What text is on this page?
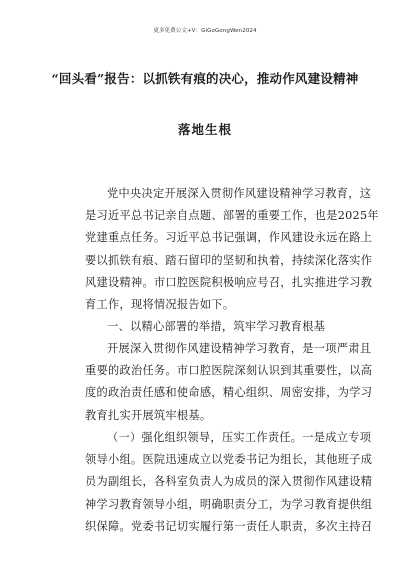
更多免费公文+V：GiGoGongWen2024
“回头看”报告：以抓铁有痕的决心，推动作风建设精神
落地生根
党中央决定开展深入贯彻作风建设精神学习教育，这
是习近平总书记亲自点题、部署的重要工作，也是2025年
党建重点任务。习近平总书记强调，作风建设永远在路上
要以抓铁有痕、踏石留印的坚韧和执着，持续深化落实作
风建设精神。市口腔医院积极响应号召，扎实推进学习教
育工作，现将情况报告如下。
一、以精心部署的举措，筑牢学习教育根基
开展深入贯彻作风建设精神学习教育，是一项严肃且
重要的政治任务。市口腔医院深刻认识到其重要性，以高
度的政治责任感和使命感，精心组织、周密安排，为学习
教育扎实开展筑牢根基。
（一）强化组织领导，压实工作责任。一是成立专项
领导小组。医院迅速成立以党委书记为组长，其他班子成
员为副组长，各科室负责人为成员的深入贯彻作风建设精
神学习教育领导小组，明确职责分工，为学习教育提供组
织保障。党委书记切实履行第一责任人职责，多次主持召
